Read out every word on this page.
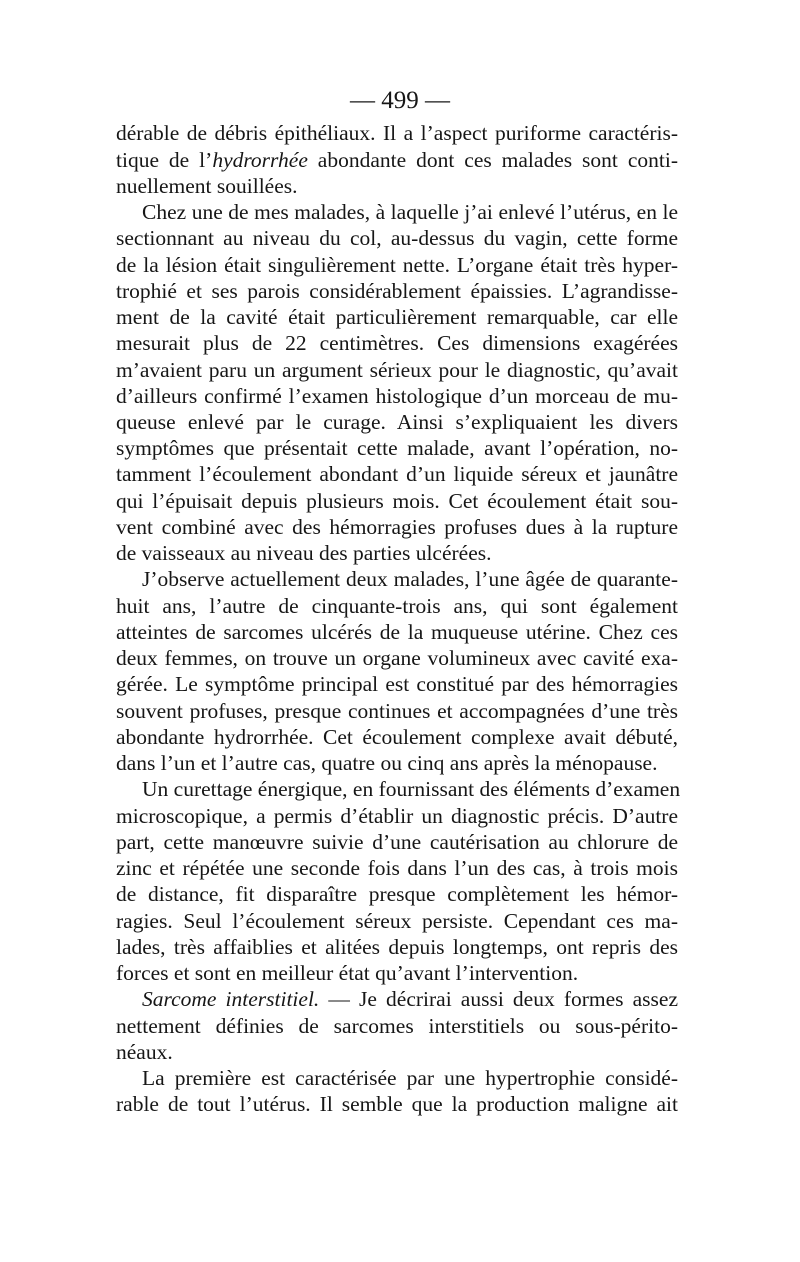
— 499 —
dérable de débris épithéliaux. Il a l’aspect puriforme caractéris-
tique de l’hydrorrhée abondante dont ces malades sont conti-
nuellement souillées.
Chez une de mes malades, à laquelle j’ai enlevé l’utérus, en le
sectionnant au niveau du col, au-dessus du vagin, cette forme
de la lésion était singulièrement nette. L’organe était très hyper-
trophié et ses parois considérablement épaissies. L’agrandisse-
ment de la cavité était particulièrement remarquable, car elle
mesurait plus de 22 centimètres. Ces dimensions exagérées
m’avaient paru un argument sérieux pour le diagnostic, qu’avait
d’ailleurs confirmé l’examen histologique d’un morceau de mu-
queuse enlevé par le curage. Ainsi s’expliquaient les divers
symptômes que présentait cette malade, avant l’opération, no-
tamment l’écoulement abondant d’un liquide séreux et jaunâtre
qui l’épuisait depuis plusieurs mois. Cet écoulement était sou-
vent combiné avec des hémorragies profuses dues à la rupture
de vaisseaux au niveau des parties ulcérées.
J’observe actuellement deux malades, l’une âgée de quarante-
huit ans, l’autre de cinquante-trois ans, qui sont également
atteintes de sarcomes ulcérés de la muqueuse utérine. Chez ces
deux femmes, on trouve un organe volumineux avec cavité exa-
gérée. Le symptôme principal est constitué par des hémorragies
souvent profuses, presque continues et accompagnées d’une très
abondante hydrorrhée. Cet écoulement complexe avait débuté,
dans l’un et l’autre cas, quatre ou cinq ans après la ménopause.
Un curettage énergique, en fournissant des éléments d’examen
microscopique, a permis d’établir un diagnostic précis. D’autre
part, cette manœuvre suivie d’une cautérisation au chlorure de
zinc et répétée une seconde fois dans l’un des cas, à trois mois
de distance, fit disparaître presque complètement les hémor-
ragies. Seul l’écoulement séreux persiste. Cependant ces ma-
lades, très affaiblies et alitées depuis longtemps, ont repris des
forces et sont en meilleur état qu’avant l’intervention.
Sarcome interstitiel. — Je décrirai aussi deux formes assez
nettement définies de sarcomes interstitiels ou sous-périto-
néaux.
La première est caractérisée par une hypertrophie considé-
rable de tout l’utérus. Il semble que la production maligne ait
